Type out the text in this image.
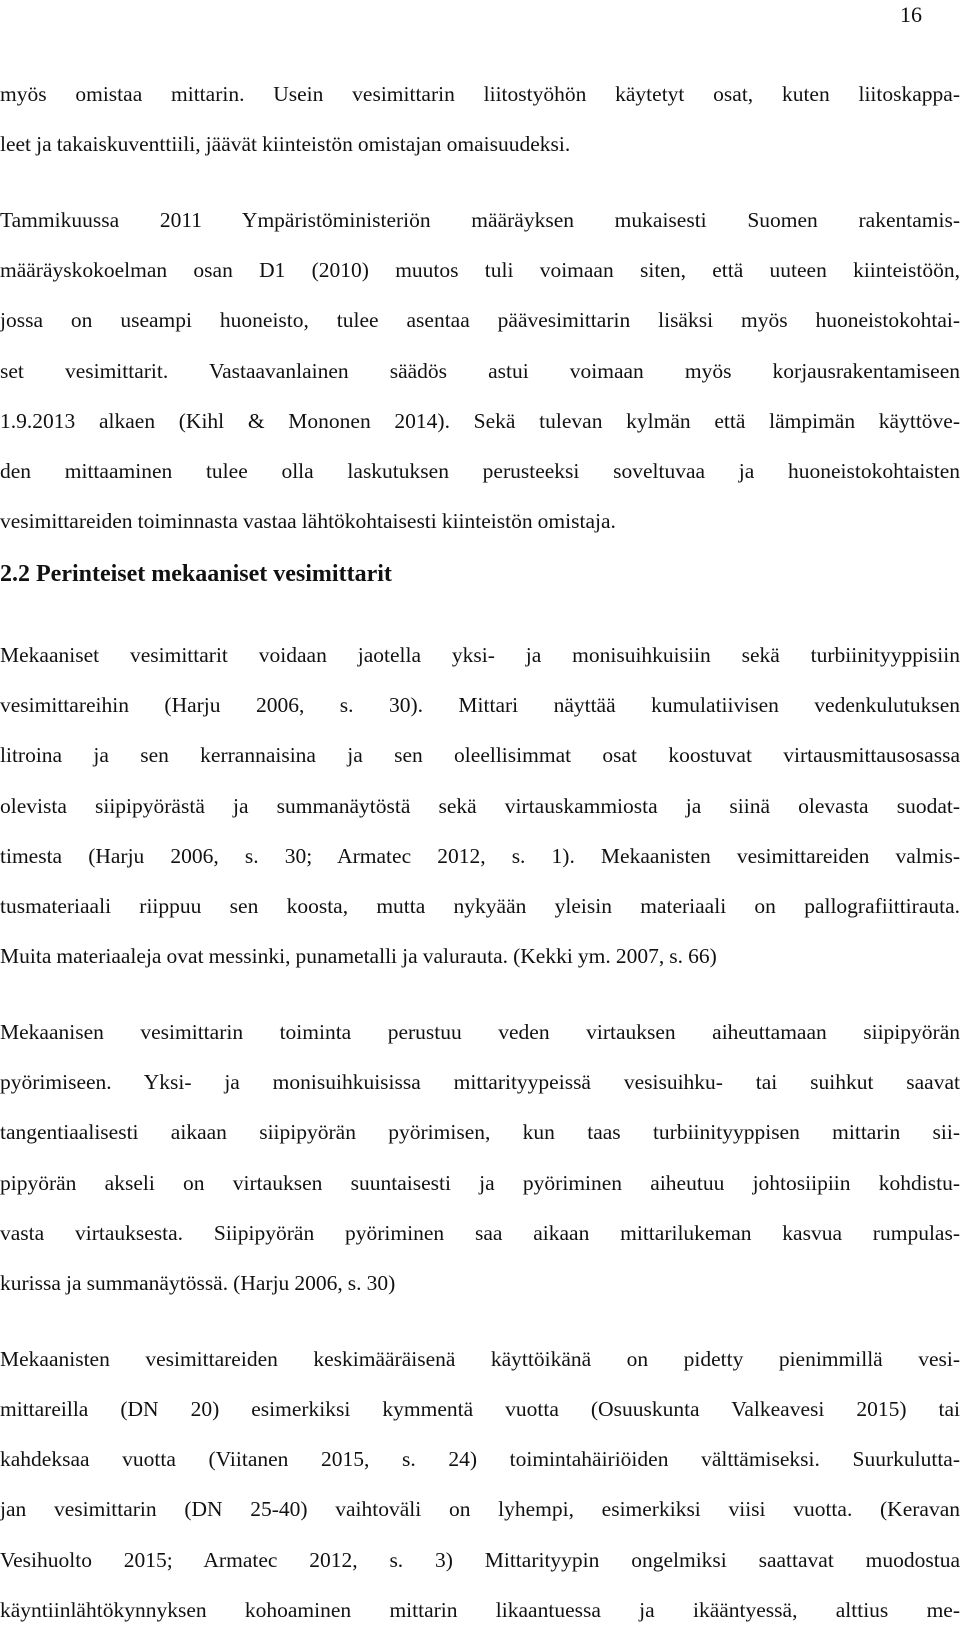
16
myös omistaa mittarin. Usein vesimittarin liitostyöhön käytetyt osat, kuten liitoskappa-
leet ja takaiskuventtiili, jäävät kiinteistön omistajan omaisuudeksi.
Tammikuussa 2011 Ympäristöministeriön määräyksen mukaisesti Suomen rakentamis-
määräyskokoelman osan D1 (2010) muutos tuli voimaan siten, että uuteen kiinteistöön,
jossa on useampi huoneisto, tulee asentaa päävesimittarin lisäksi myös huoneistokohtai-
set vesimittarit. Vastaavanlainen säädös astui voimaan myös korjausrakentamiseen
1.9.2013 alkaen (Kihl & Mononen 2014). Sekä tulevan kylmän että lämpimän käyttöve-
den mittaaminen tulee olla laskutuksen perusteeksi soveltuvaa ja huoneistokohtaisten
vesimittareiden toiminnasta vastaa lähtökohtaisesti kiinteistön omistaja.
2.2 Perinteiset mekaaniset vesimittarit
Mekaaniset vesimittarit voidaan jaotella yksi- ja monisuihkuisiin sekä turbiinityyppisiin
vesimittareihin (Harju 2006, s. 30). Mittari näyttää kumulatiivisen vedenkulutuksen
litroina ja sen kerrannaisina ja sen oleellisimmat osat koostuvat virtausmittausosassa
olevista siipipyörästä ja summanäytöstä sekä virtauskammiosta ja siinä olevasta suodat-
timesta (Harju 2006, s. 30; Armatec 2012, s. 1). Mekaanisten vesimittareiden valmis-
tusmateriaali riippuu sen koosta, mutta nykyään yleisin materiaali on pallografiittirauta.
Muita materiaaleja ovat messinki, punametalli ja valurauta. (Kekki ym. 2007, s. 66)
Mekaanisen vesimittarin toiminta perustuu veden virtauksen aiheuttamaan siipipyörän
pyörimiseen. Yksi- ja monisuihkuisissa mittarityypeissä vesisuihku- tai suihkut saavat
tangentiaalisesti aikaan siipipyörän pyörimisen, kun taas turbiinityyppisen mittarin sii-
pipyörän akseli on virtauksen suuntaisesti ja pyöriminen aiheutuu johtosiipiin kohdistu-
vasta virtauksesta. Siipipyörän pyöriminen saa aikaan mittarilukeman kasvua rumpulas-
kurissa ja summanäytössä. (Harju 2006, s. 30)
Mekaanisten vesimittareiden keskimääräisenä käyttöikänä on pidetty pienimmillä vesi-
mittareilla (DN 20) esimerkiksi kymmentä vuotta (Osuuskunta Valkeavesi 2015) tai
kahdeksaa vuotta (Viitanen 2015, s. 24) toimintahäiriöiden välttämiseksi. Suurkulutta-
jan vesimittarin (DN 25-40) vaihtoväli on lyhempi, esimerkiksi viisi vuotta. (Keravan
Vesihuolto 2015; Armatec 2012, s. 3) Mittarityypin ongelmiksi saattavat muodostua
käyntiinlähtökynnyksen kohoaminen mittarin likaantuessa ja ikääntyessä, alttius me-
